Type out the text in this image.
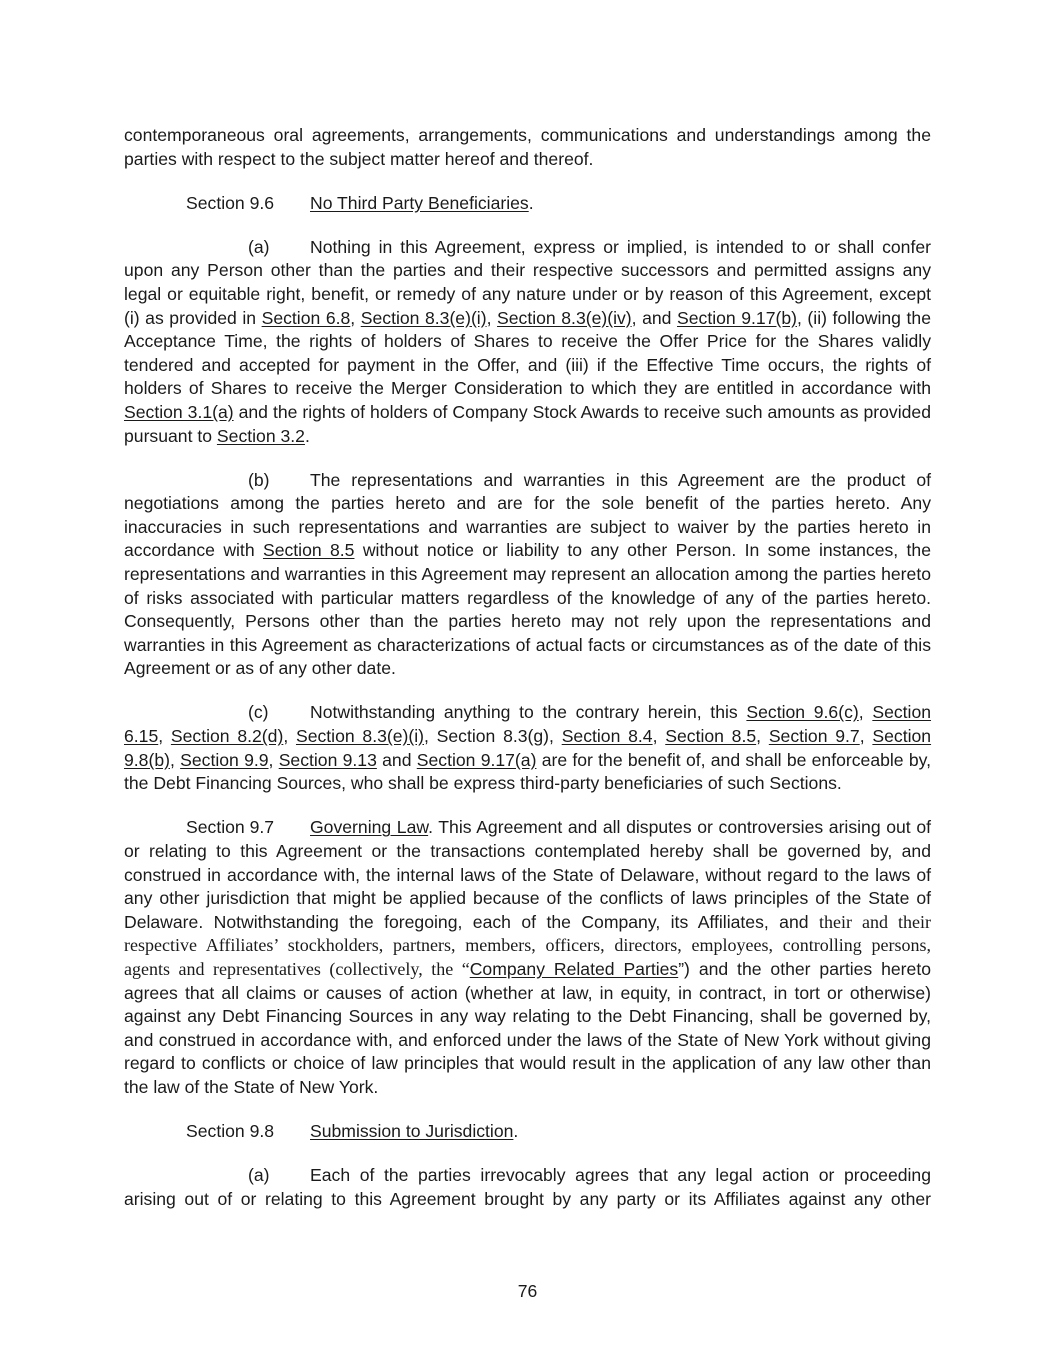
contemporaneous oral agreements, arrangements, communications and understandings among the parties with respect to the subject matter hereof and thereof.

Section 9.6 No Third Party Beneficiaries.

(a) Nothing in this Agreement, express or implied, is intended to or shall confer upon any Person other than the parties and their respective successors and permitted assigns any legal or equitable right, benefit, or remedy of any nature under or by reason of this Agreement, except (i) as provided in Section 6.8, Section 8.3(e)(i), Section 8.3(e)(iv), and Section 9.17(b), (ii) following the Acceptance Time, the rights of holders of Shares to receive the Offer Price for the Shares validly tendered and accepted for payment in the Offer, and (iii) if the Effective Time occurs, the rights of holders of Shares to receive the Merger Consideration to which they are entitled in accordance with Section 3.1(a) and the rights of holders of Company Stock Awards to receive such amounts as provided pursuant to Section 3.2.

(b) The representations and warranties in this Agreement are the product of negotiations among the parties hereto and are for the sole benefit of the parties hereto. Any inaccuracies in such representations and warranties are subject to waiver by the parties hereto in accordance with Section 8.5 without notice or liability to any other Person. In some instances, the representations and warranties in this Agreement may represent an allocation among the parties hereto of risks associated with particular matters regardless of the knowledge of any of the parties hereto. Consequently, Persons other than the parties hereto may not rely upon the representations and warranties in this Agreement as characterizations of actual facts or circumstances as of the date of this Agreement or as of any other date.

(c) Notwithstanding anything to the contrary herein, this Section 9.6(c), Section 6.15, Section 8.2(d), Section 8.3(e)(i), Section 8.3(g), Section 8.4, Section 8.5, Section 9.7, Section 9.8(b), Section 9.9, Section 9.13 and Section 9.17(a) are for the benefit of, and shall be enforceable by, the Debt Financing Sources, who shall be express third-party beneficiaries of such Sections.

Section 9.7 Governing Law. This Agreement and all disputes or controversies arising out of or relating to this Agreement or the transactions contemplated hereby shall be governed by, and construed in accordance with, the internal laws of the State of Delaware, without regard to the laws of any other jurisdiction that might be applied because of the conflicts of laws principles of the State of Delaware. Notwithstanding the foregoing, each of the Company, its Affiliates, and their and their respective Affiliates’ stockholders, partners, members, officers, directors, employees, controlling persons, agents and representatives (collectively, the “Company Related Parties”) and the other parties hereto agrees that all claims or causes of action (whether at law, in equity, in contract, in tort or otherwise) against any Debt Financing Sources in any way relating to the Debt Financing, shall be governed by, and construed in accordance with, and enforced under the laws of the State of New York without giving regard to conflicts or choice of law principles that would result in the application of any law other than the law of the State of New York.

Section 9.8 Submission to Jurisdiction.

(a) Each of the parties irrevocably agrees that any legal action or proceeding arising out of or relating to this Agreement brought by any party or its Affiliates against any other

76
